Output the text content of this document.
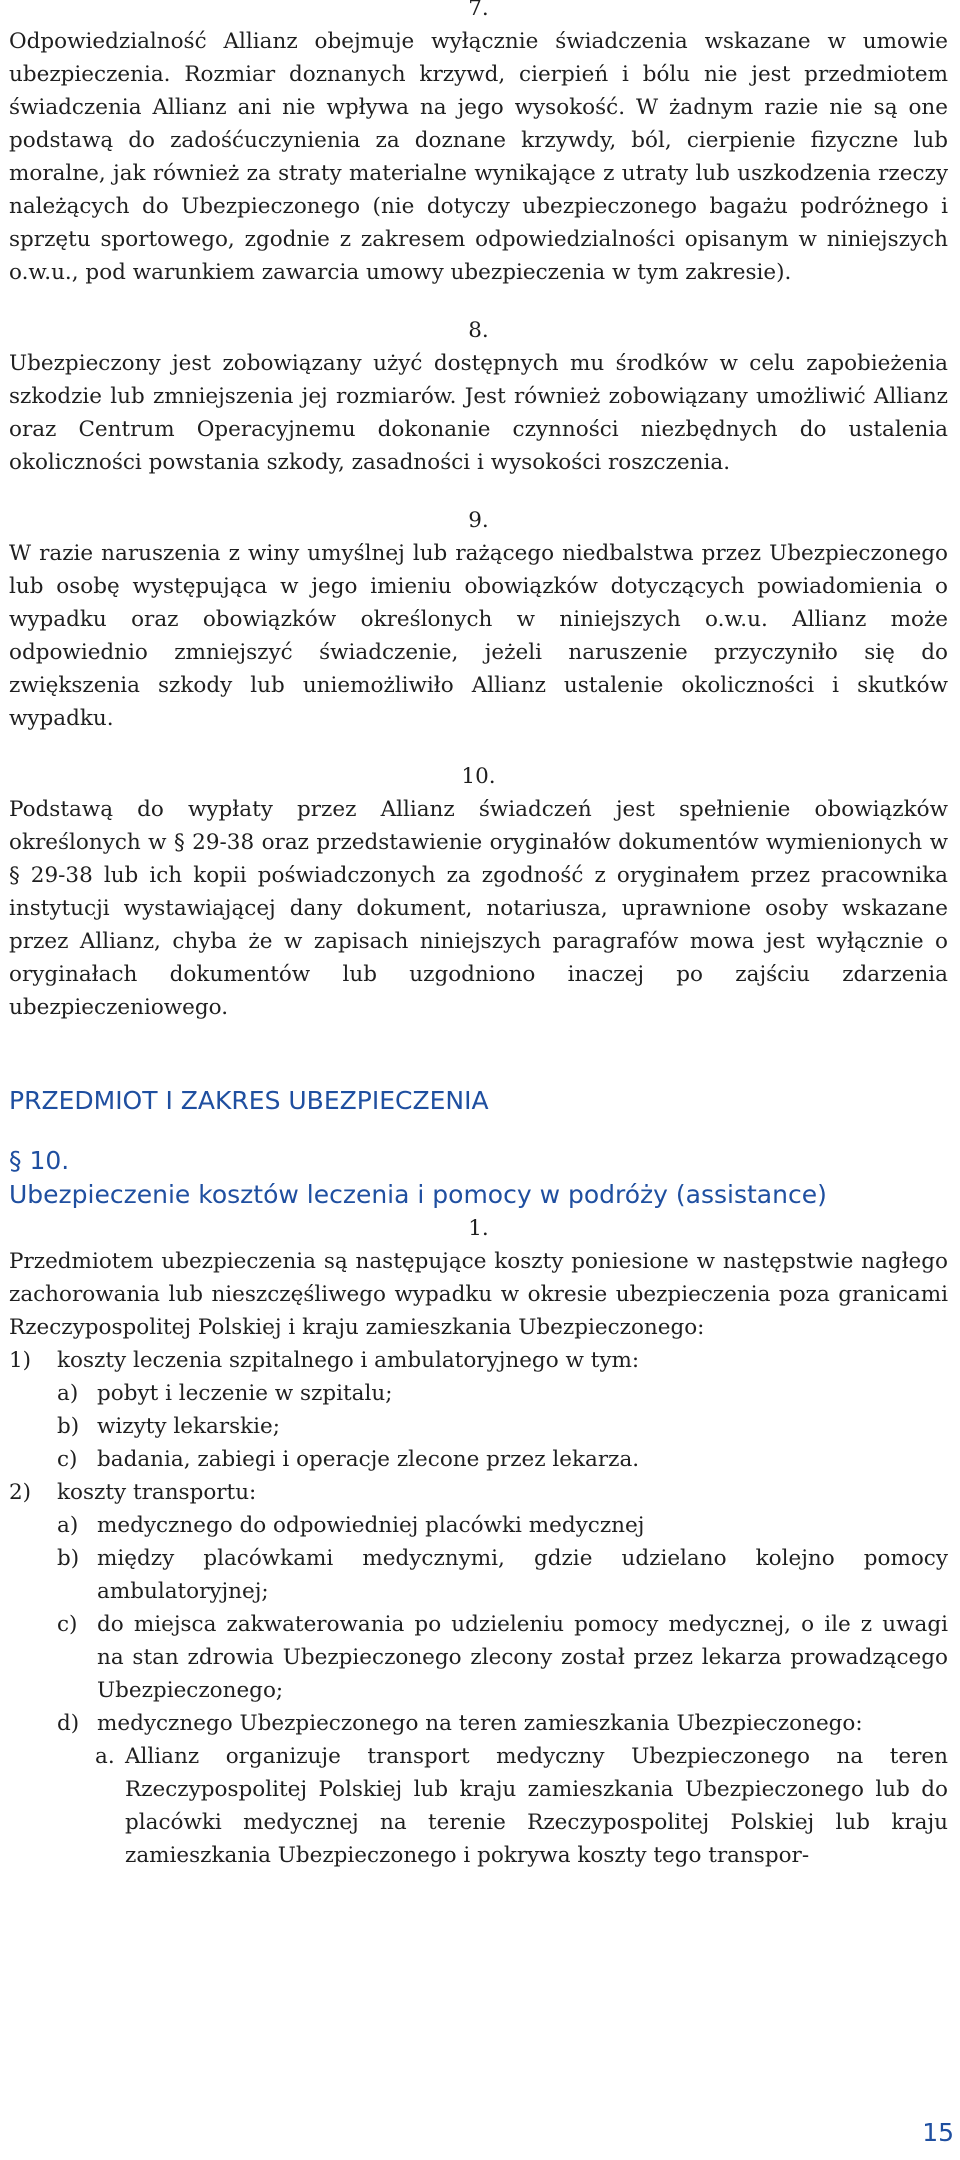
7.

Odpowiedzialność Allianz obejmuje wyłącznie świadczenia wskazane w umowie ubezpieczenia. Rozmiar doznanych krzywd, cierpień i bólu nie jest przedmiotem świadczenia Allianz ani nie wpływa na jego wysokość. W żadnym razie nie są one podstawą do zadośćuczynienia za doznane krzywdy, ból, cierpienie fizyczne lub moralne, jak również za straty materialne wynikające z utraty lub uszkodzenia rzeczy należących do Ubezpieczonego (nie dotyczy ubezpieczonego bagażu podróżnego i sprzętu sportowego, zgodnie z zakresem odpowiedzialności opisanym w niniejszych o.w.u., pod warunkiem zawarcia umowy ubezpieczenia w tym zakresie).

8.

Ubezpieczony jest zobowiązany użyć dostępnych mu środków w celu zapobieżenia szkodzie lub zmniejszenia jej rozmiarów. Jest również zobowiązany umożliwić Allianz oraz Centrum Operacyjnemu dokonanie czynności niezbędnych do ustalenia okoliczności powstania szkody, zasadności i wysokości roszczenia.

9.

W razie naruszenia z winy umyślnej lub rażącego niedbalstwa przez Ubezpieczonego lub osobę występująca w jego imieniu obowiązków dotyczących powiadomienia o wypadku oraz obowiązków określonych w niniejszych o.w.u. Allianz może odpowiednio zmniejszyć świadczenie, jeżeli naruszenie przyczyniło się do zwiększenia szkody lub uniemożliwiło Allianz ustalenie okoliczności i skutków wypadku.

10.

Podstawą do wypłaty przez Allianz świadczeń jest spełnienie obowiązków określonych w § 29-38 oraz przedstawienie oryginałów dokumentów wymienionych w § 29-38 lub ich kopii poświadczonych za zgodność z oryginałem przez pracownika instytucji wystawiającej dany dokument, notariusza, uprawnione osoby wskazane przez Allianz, chyba że w zapisach niniejszych paragrafów mowa jest wyłącznie o oryginałach dokumentów lub uzgodniono inaczej po zajściu zdarzenia ubezpieczeniowego.

PRZEDMIOT I ZAKRES UBEZPIECZENIA
§ 10.
Ubezpieczenie kosztów leczenia i pomocy w podróży (assistance)

1.

Przedmiotem ubezpieczenia są następujące koszty poniesione w następstwie nagłego zachorowania lub nieszczęśliwego wypadku w okresie ubezpieczenia poza granicami Rzeczypospolitej Polskiej i kraju zamieszkania Ubezpieczonego:

1) koszty leczenia szpitalnego i ambulatoryjnego w tym:
a) pobyt i leczenie w szpitalu;
b) wizyty lekarskie;
c) badania, zabiegi i operacje zlecone przez lekarza.
2) koszty transportu:
a) medycznego do odpowiedniej placówki medycznej
b) między placówkami medycznymi, gdzie udzielano kolejno pomocy ambulatoryjnej;
c) do miejsca zakwaterowania po udzieleniu pomocy medycznej, o ile z uwagi na stan zdrowia Ubezpieczonego zlecony został przez lekarza prowadzącego Ubezpieczonego;
d) medycznego Ubezpieczonego na teren zamieszkania Ubezpieczonego:
a. Allianz organizuje transport medyczny Ubezpieczonego na teren Rzeczypospolitej Polskiej lub kraju zamieszkania Ubezpieczonego lub do placówki medycznej na terenie Rzeczypospolitej Polskiej lub kraju zamieszkania Ubezpieczonego i pokrywa koszty tego transpor-
15
